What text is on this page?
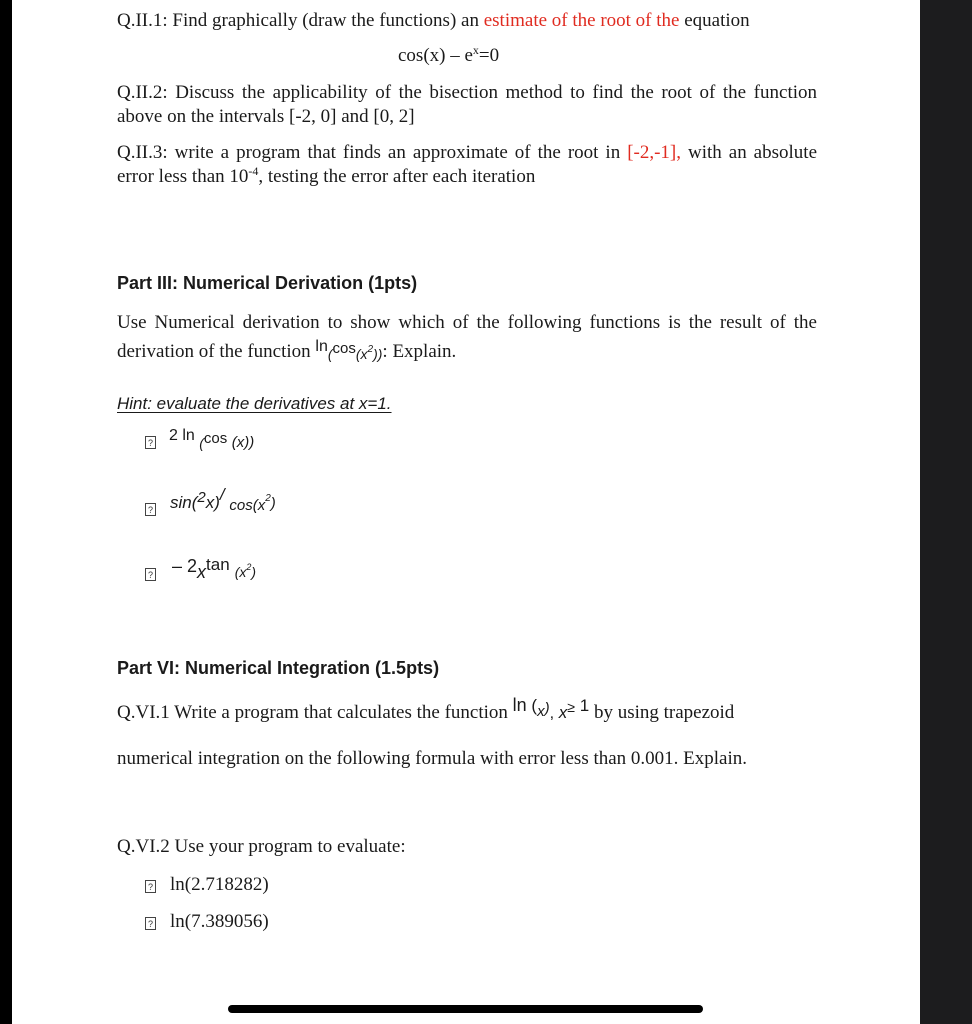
Q.II.1: Find graphically (draw the functions) an estimate of the root of the equation
$\cos(x) - e^x=0$
Q.II.2: Discuss the applicability of the bisection method to find the root of the function above on the intervals [-2, 0] and [0, 2]
Q.II.3: write a program that finds an approximate of the root in [-2,-1], with an absolute error less than $10^{-4}$, testing the error after each iteration
Part III: Numerical Derivation (1pts)
Use Numerical derivation to show which of the following functions is the result of the derivation of the function $^{ln}(^{cos}(x^2))$: Explain.
Hint: evaluate the derivatives at x=1.
? 2 ln (cos (x))
? sin(2x)/ $\cos(x^2)$
? – 2xtan $_{(x^2)}$
Part VI: Numerical Integration (1.5pts)
Q.VI.1 Write a program that calculates the function ln (x), x≥ 1 by using trapezoid
numerical integration on the following formula with error less than 0.001. Explain.
Q.VI.2 Use your program to evaluate:
? ln(2.718282)
? ln(7.389056)
